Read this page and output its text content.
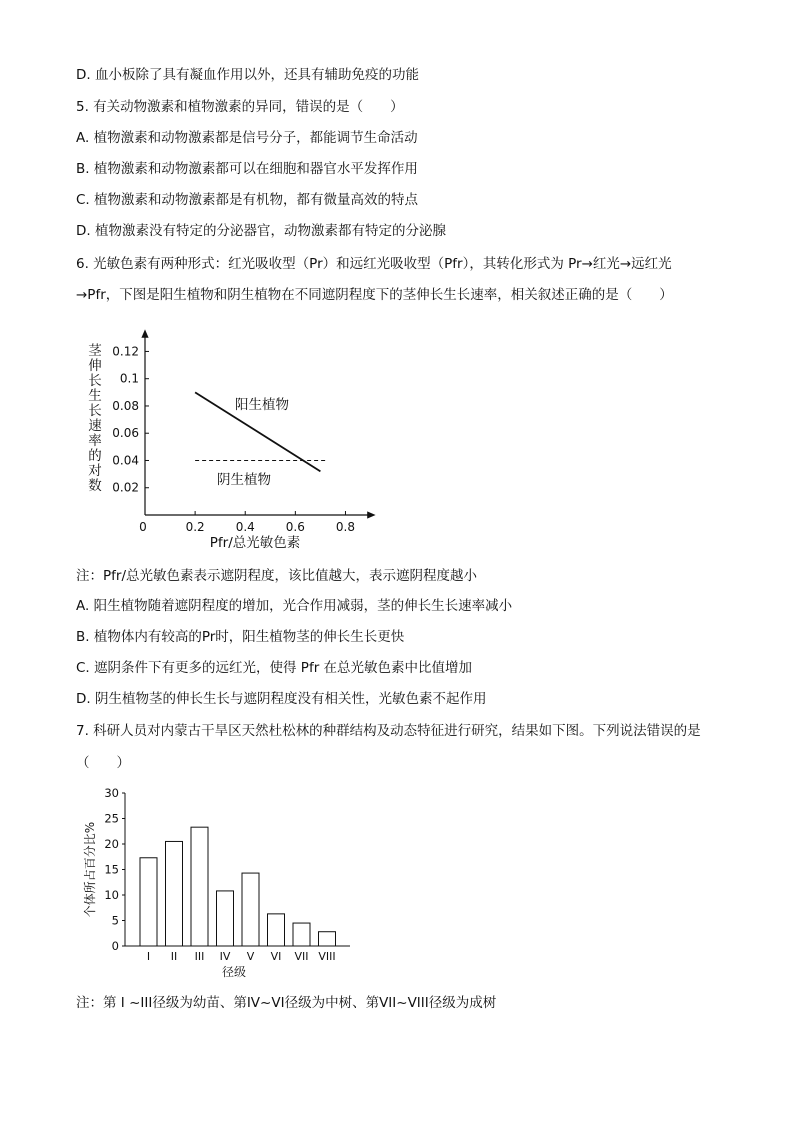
D. 血小板除了具有凝血作用以外，还具有辅助免疫的功能
5. 有关动物激素和植物激素的异同，错误的是（　　）
A. 植物激素和动物激素都是信号分子，都能调节生命活动
B. 植物激素和动物激素都可以在细胞和器官水平发挥作用
C. 植物激素和动物激素都是有机物，都有微量高效的特点
D. 植物激素没有特定的分泌器官，动物激素都有特定的分泌腺
6. 光敏色素有两种形式：红光吸收型（Pr）和远红光吸收型（Pfr），其转化形式为 Pr→红光→远红光
→Pfr，下图是阳生植物和阴生植物在不同遮阴程度下的茎伸长生长速率，相关叙述正确的是（　　）
注：Pfr/总光敏色素表示遮阴程度，该比值越大，表示遮阴程度越小
A. 阳生植物随着遮阴程度的增加，光合作用减弱，茎的伸长生长速率减小
B. 植物体内有较高的Pr时，阳生植物茎的伸长生长更快
C. 遮阴条件下有更多的远红光，使得 Pfr 在总光敏色素中比值增加
D. 阴生植物茎的伸长生长与遮阴程度没有相关性，光敏色素不起作用
7. 科研人员对内蒙古干旱区天然杜松林的种群结构及动态特征进行研究，结果如下图。下列说法错误的是
（　　）
注：第 I ~III径级为幼苗、第IV~VI径级为中树、第VII~VIII径级为成树
0	0.2	0.4	0.6	0.8
0.02
0.04
0.06
0.08
0.1
0.12
阳生植物
阴生植物
茎
伸
长
生
长
速
率
的
对
数
Pfr/总光敏色素
0
5
10
15
20
25
30
I II III IV V VI VII VIII
个体所占百分比%
径级
